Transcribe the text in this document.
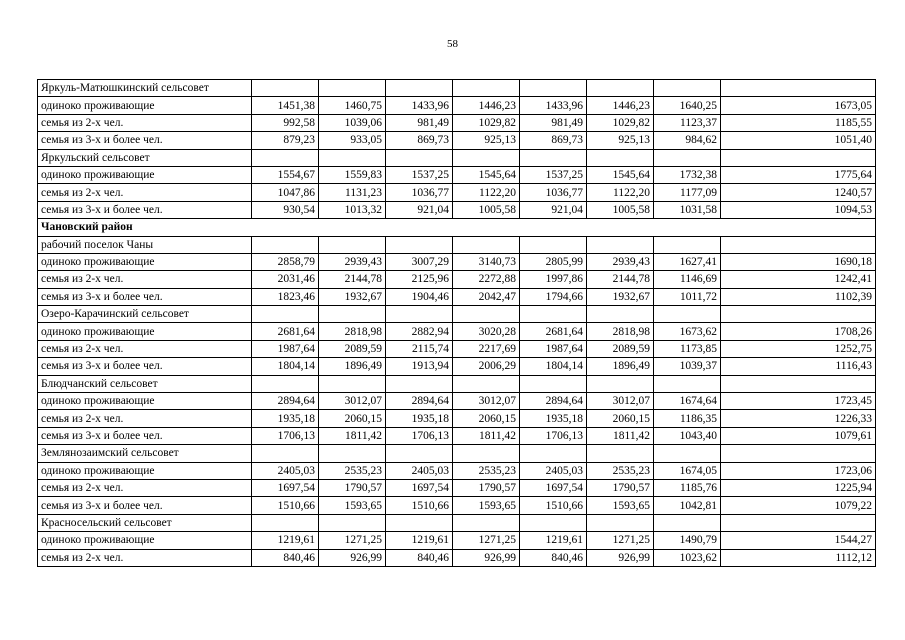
58
Яркуль-Матюшкинский сельсовет								
одиноко проживающие	1451,38	1460,75	1433,96	1446,23	1433,96	1446,23	1640,25	1673,05
семья из 2-х чел.	992,58	1039,06	981,49	1029,82	981,49	1029,82	1123,37	1185,55
семья из 3-х и более чел.	879,23	933,05	869,73	925,13	869,73	925,13	984,62	1051,40
Яркульский сельсовет								
одиноко проживающие	1554,67	1559,83	1537,25	1545,64	1537,25	1545,64	1732,38	1775,64
семья из 2-х чел.	1047,86	1131,23	1036,77	1122,20	1036,77	1122,20	1177,09	1240,57
семья из 3-х и более чел.	930,54	1013,32	921,04	1005,58	921,04	1005,58	1031,58	1094,53
Чановский район								
рабочий поселок Чаны								
одиноко проживающие	2858,79	2939,43	3007,29	3140,73	2805,99	2939,43	1627,41	1690,18
семья из 2-х чел.	2031,46	2144,78	2125,96	2272,88	1997,86	2144,78	1146,69	1242,41
семья из 3-х и более чел.	1823,46	1932,67	1904,46	2042,47	1794,66	1932,67	1011,72	1102,39
Озеро-Карачинский сельсовет								
одиноко проживающие	2681,64	2818,98	2882,94	3020,28	2681,64	2818,98	1673,62	1708,26
семья из 2-х чел.	1987,64	2089,59	2115,74	2217,69	1987,64	2089,59	1173,85	1252,75
семья из 3-х и более чел.	1804,14	1896,49	1913,94	2006,29	1804,14	1896,49	1039,37	1116,43
Блюдчанский сельсовет								
одиноко проживающие	2894,64	3012,07	2894,64	3012,07	2894,64	3012,07	1674,64	1723,45
семья из 2-х чел.	1935,18	2060,15	1935,18	2060,15	1935,18	2060,15	1186,35	1226,33
семья из 3-х и более чел.	1706,13	1811,42	1706,13	1811,42	1706,13	1811,42	1043,40	1079,61
Землянозаимский сельсовет								
одиноко проживающие	2405,03	2535,23	2405,03	2535,23	2405,03	2535,23	1674,05	1723,06
семья из 2-х чел.	1697,54	1790,57	1697,54	1790,57	1697,54	1790,57	1185,76	1225,94
семья из 3-х и более чел.	1510,66	1593,65	1510,66	1593,65	1510,66	1593,65	1042,81	1079,22
Красносельский сельсовет								
одиноко проживающие	1219,61	1271,25	1219,61	1271,25	1219,61	1271,25	1490,79	1544,27
семья из 2-х чел.	840,46	926,99	840,46	926,99	840,46	926,99	1023,62	1112,12
